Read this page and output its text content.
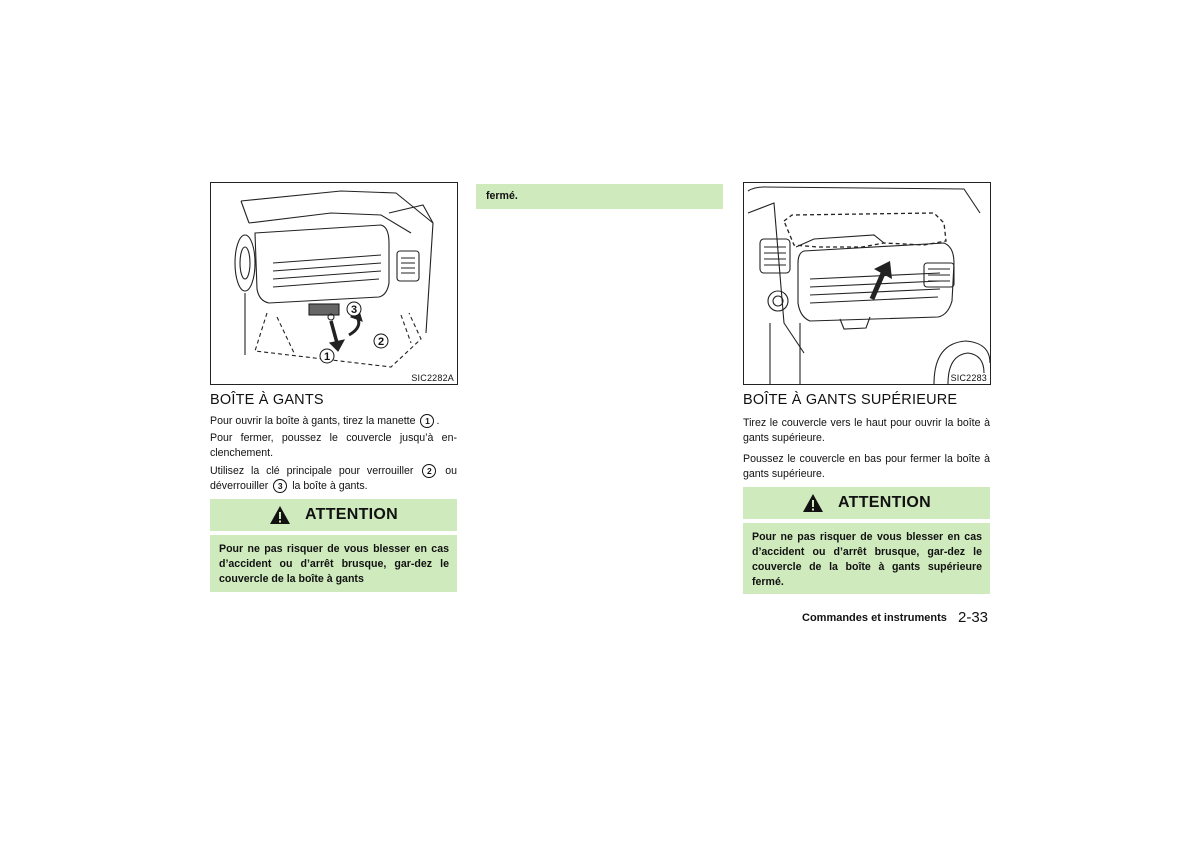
1
2
3
SIC2282A
BOÎTE À GANTS

Pour ouvrir la boîte à gants, tirez la manette 1 .

Pour fermer, poussez le couvercle jusqu’à en-clenchement.

Utilisez la clé principale pour verrouiller 2 ou déverrouiller 3 la boîte à gants.

ATTENTION
Pour ne pas risquer de vous blesser en cas d’accident ou d’arrêt brusque, gar-dez le couvercle de la boîte à gants
fermé.
SIC2283
BOÎTE À GANTS SUPÉRIEURE

Tirez le couvercle vers le haut pour ouvrir la boîte à gants supérieure.

Poussez le couvercle en bas pour fermer la boîte à gants supérieure.

ATTENTION
Pour ne pas risquer de vous blesser en cas d’accident ou d’arrêt brusque, gar-dez le couvercle de la boîte à gants supérieure fermé.
Commandes et instruments 2-33
